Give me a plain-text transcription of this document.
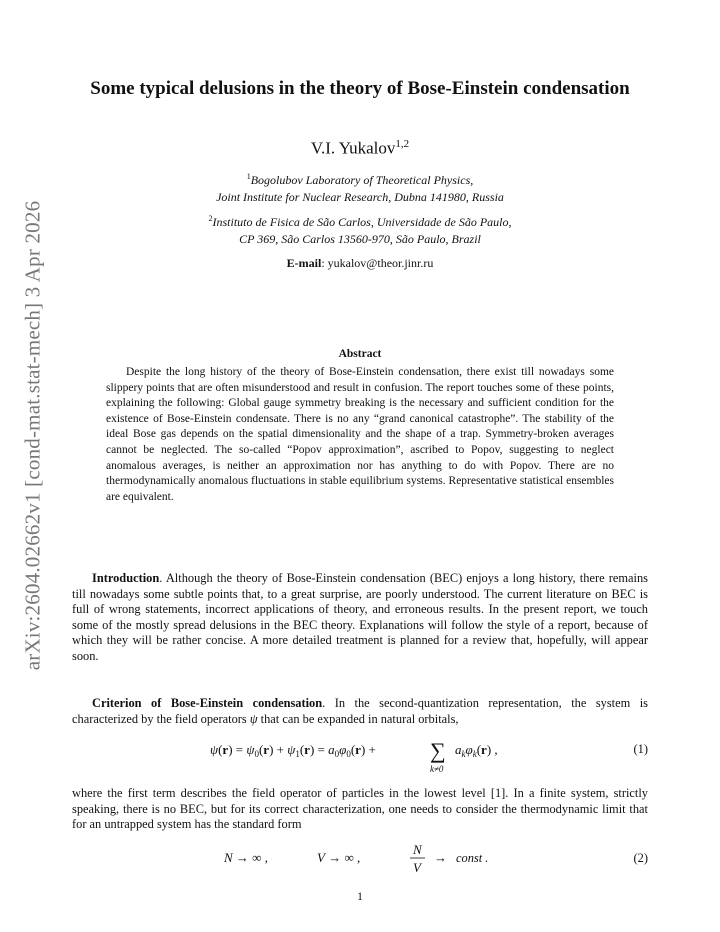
arXiv:2604.02662v1 [cond-mat.stat-mech] 3 Apr 2026
Some typical delusions in the theory of Bose-Einstein condensation
V.I. Yukalov$^{1,2}$
$^1$Bogolubov Laboratory of Theoretical Physics,
Joint Institute for Nuclear Research, Dubna 141980, Russia
$^2$Instituto de Fisica de São Carlos, Universidade de São Paulo,
CP 369, São Carlos 13560-970, São Paulo, Brazil
E-mail: yukalov@theor.jinr.ru
Abstract

Despite the long history of the theory of Bose-Einstein condensation, there exist till nowadays some slippery points that are often misunderstood and result in confusion. The report touches some of these points, explaining the following: Global gauge symmetry breaking is the necessary and sufficient condition for the existence of Bose-Einstein condensate. There is no any “grand canonical catastrophe”. The stability of the ideal Bose gas depends on the spatial dimensionality and the shape of a trap. Symmetry-broken averages cannot be neglected. The so-called “Popov approximation”, ascribed to Popov, suggesting to neglect anomalous averages, is neither an approximation nor has anything to do with Popov. There are no thermodynamically anomalous fluctuations in stable equilibrium systems. Representative statistical ensembles are equivalent.

Introduction. Although the theory of Bose-Einstein condensation (BEC) enjoys a long history, there remains till nowadays some subtle points that, to a great surprise, are poorly understood. The current literature on BEC is full of wrong statements, incorrect applications of theory, and erroneous results. In the present report, we touch some of the mostly spread delusions in the BEC theory. Explanations will follow the style of a report, because of which they will be rather concise. A more detailed treatment is planned for a review that, hopefully, will appear soon.

Criterion of Bose-Einstein condensation. In the second-quantization representation, the system is characterized by the field operators ψ that can be expanded in natural orbitals,

$\psi(r) = \psi_0(r) + \psi_1(r) = a_0\varphi_0(r)$ + ∑
k≠0
$a_k\varphi_k(r)$ ,	(1)

where the first term describes the field operator of particles in the lowest level [1]. In a finite system, strictly speaking, there is no BEC, but for its correct characterization, one needs to consider the thermodynamic limit that for an untrapped system has the standard form

N → ∞ ,	V → ∞ ,
N
V
→ const .	(2)
1
